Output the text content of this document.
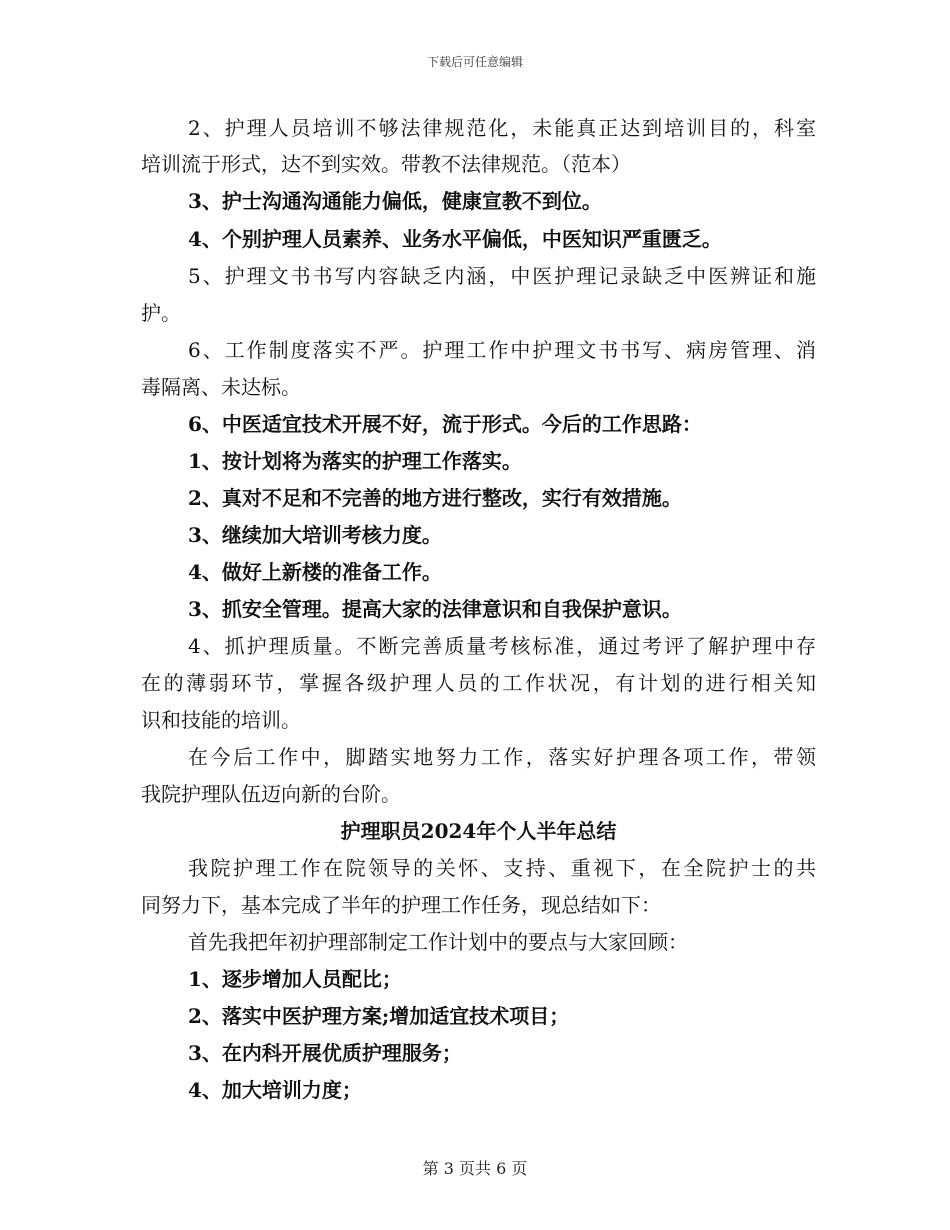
下载后可任意编辑
2、护理人员培训不够法律规范化，未能真正达到培训目的，科室
培训流于形式，达不到实效。带教不法律规范。（范本）
3、护士沟通沟通能力偏低，健康宣教不到位。
4、个别护理人员素养、业务水平偏低，中医知识严重匮乏。
5、护理文书书写内容缺乏内涵，中医护理记录缺乏中医辨证和施
护。
6、工作制度落实不严。护理工作中护理文书书写、病房管理、消
毒隔离、未达标。
6、中医适宜技术开展不好，流于形式。今后的工作思路：
1、按计划将为落实的护理工作落实。
2、真对不足和不完善的地方进行整改，实行有效措施。
3、继续加大培训考核力度。
4、做好上新楼的准备工作。
3、抓安全管理。提高大家的法律意识和自我保护意识。
4、抓护理质量。不断完善质量考核标准，通过考评了解护理中存
在的薄弱环节，掌握各级护理人员的工作状况，有计划的进行相关知
识和技能的培训。
在今后工作中，脚踏实地努力工作，落实好护理各项工作，带领
我院护理队伍迈向新的台阶。
护理职员2024年个人半年总结
我院护理工作在院领导的关怀、支持、重视下，在全院护士的共
同努力下，基本完成了半年的护理工作任务，现总结如下：
首先我把年初护理部制定工作计划中的要点与大家回顾：
1、逐步增加人员配比；
2、落实中医护理方案;增加适宜技术项目；
3、在内科开展优质护理服务；
4、加大培训力度；
第 3 页共 6 页
